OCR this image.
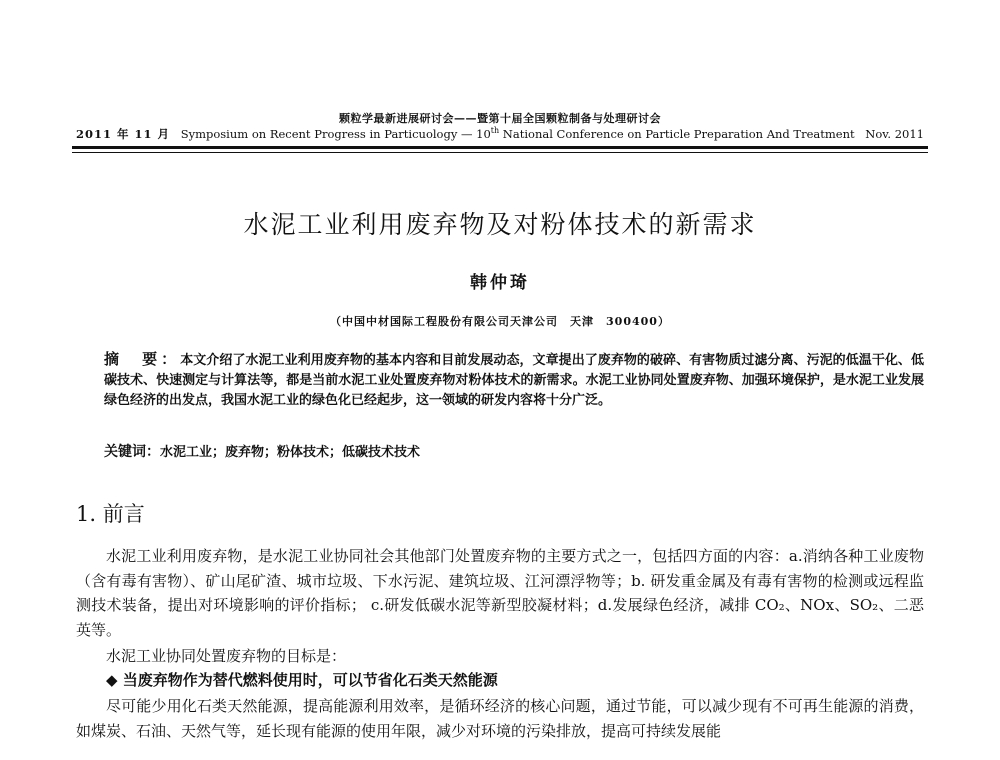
颗粒学最新进展研讨会——暨第十届全国颗粒制备与处理研讨会
2011 年 11 月 Symposium on Recent Progress in Particuology — 10th National Conference on Particle Preparation And Treatment Nov. 2011
水泥工业利用废弃物及对粉体技术的新需求
韩仲琦
（中国中材国际工程股份有限公司天津公司　天津　300400）
摘　要：本文介绍了水泥工业利用废弃物的基本内容和目前发展动态，文章提出了废弃物的破碎、有害物质过滤分离、污泥的低温干化、低碳技术、快速测定与计算法等，都是当前水泥工业处置废弃物对粉体技术的新需求。水泥工业协同处置废弃物、加强环境保护，是水泥工业发展绿色经济的出发点，我国水泥工业的绿色化已经起步，这一领域的研发内容将十分广泛。
关键词：水泥工业；废弃物；粉体技术；低碳技术技术
1. 前言
水泥工业利用废弃物，是水泥工业协同社会其他部门处置废弃物的主要方式之一，包括四方面的内容：a.消纳各种工业废物（含有毒有害物）、矿山尾矿渣、城市垃圾、下水污泥、建筑垃圾、江河漂浮物等；b. 研发重金属及有毒有害物的检测或远程监测技术装备，提出对环境影响的评价指标； c.研发低碳水泥等新型胶凝材料；d.发展绿色经济，减排 CO₂、NOx、SO₂、二恶英等。
水泥工业协同处置废弃物的目标是：
◆ 当废弃物作为替代燃料使用时，可以节省化石类天然能源
尽可能少用化石类天然能源，提高能源利用效率，是循环经济的核心问题，通过节能，可以减少现有不可再生能源的消费，如煤炭、石油、天然气等，延长现有能源的使用年限，减少对环境的污染排放，提高可持续发展能
